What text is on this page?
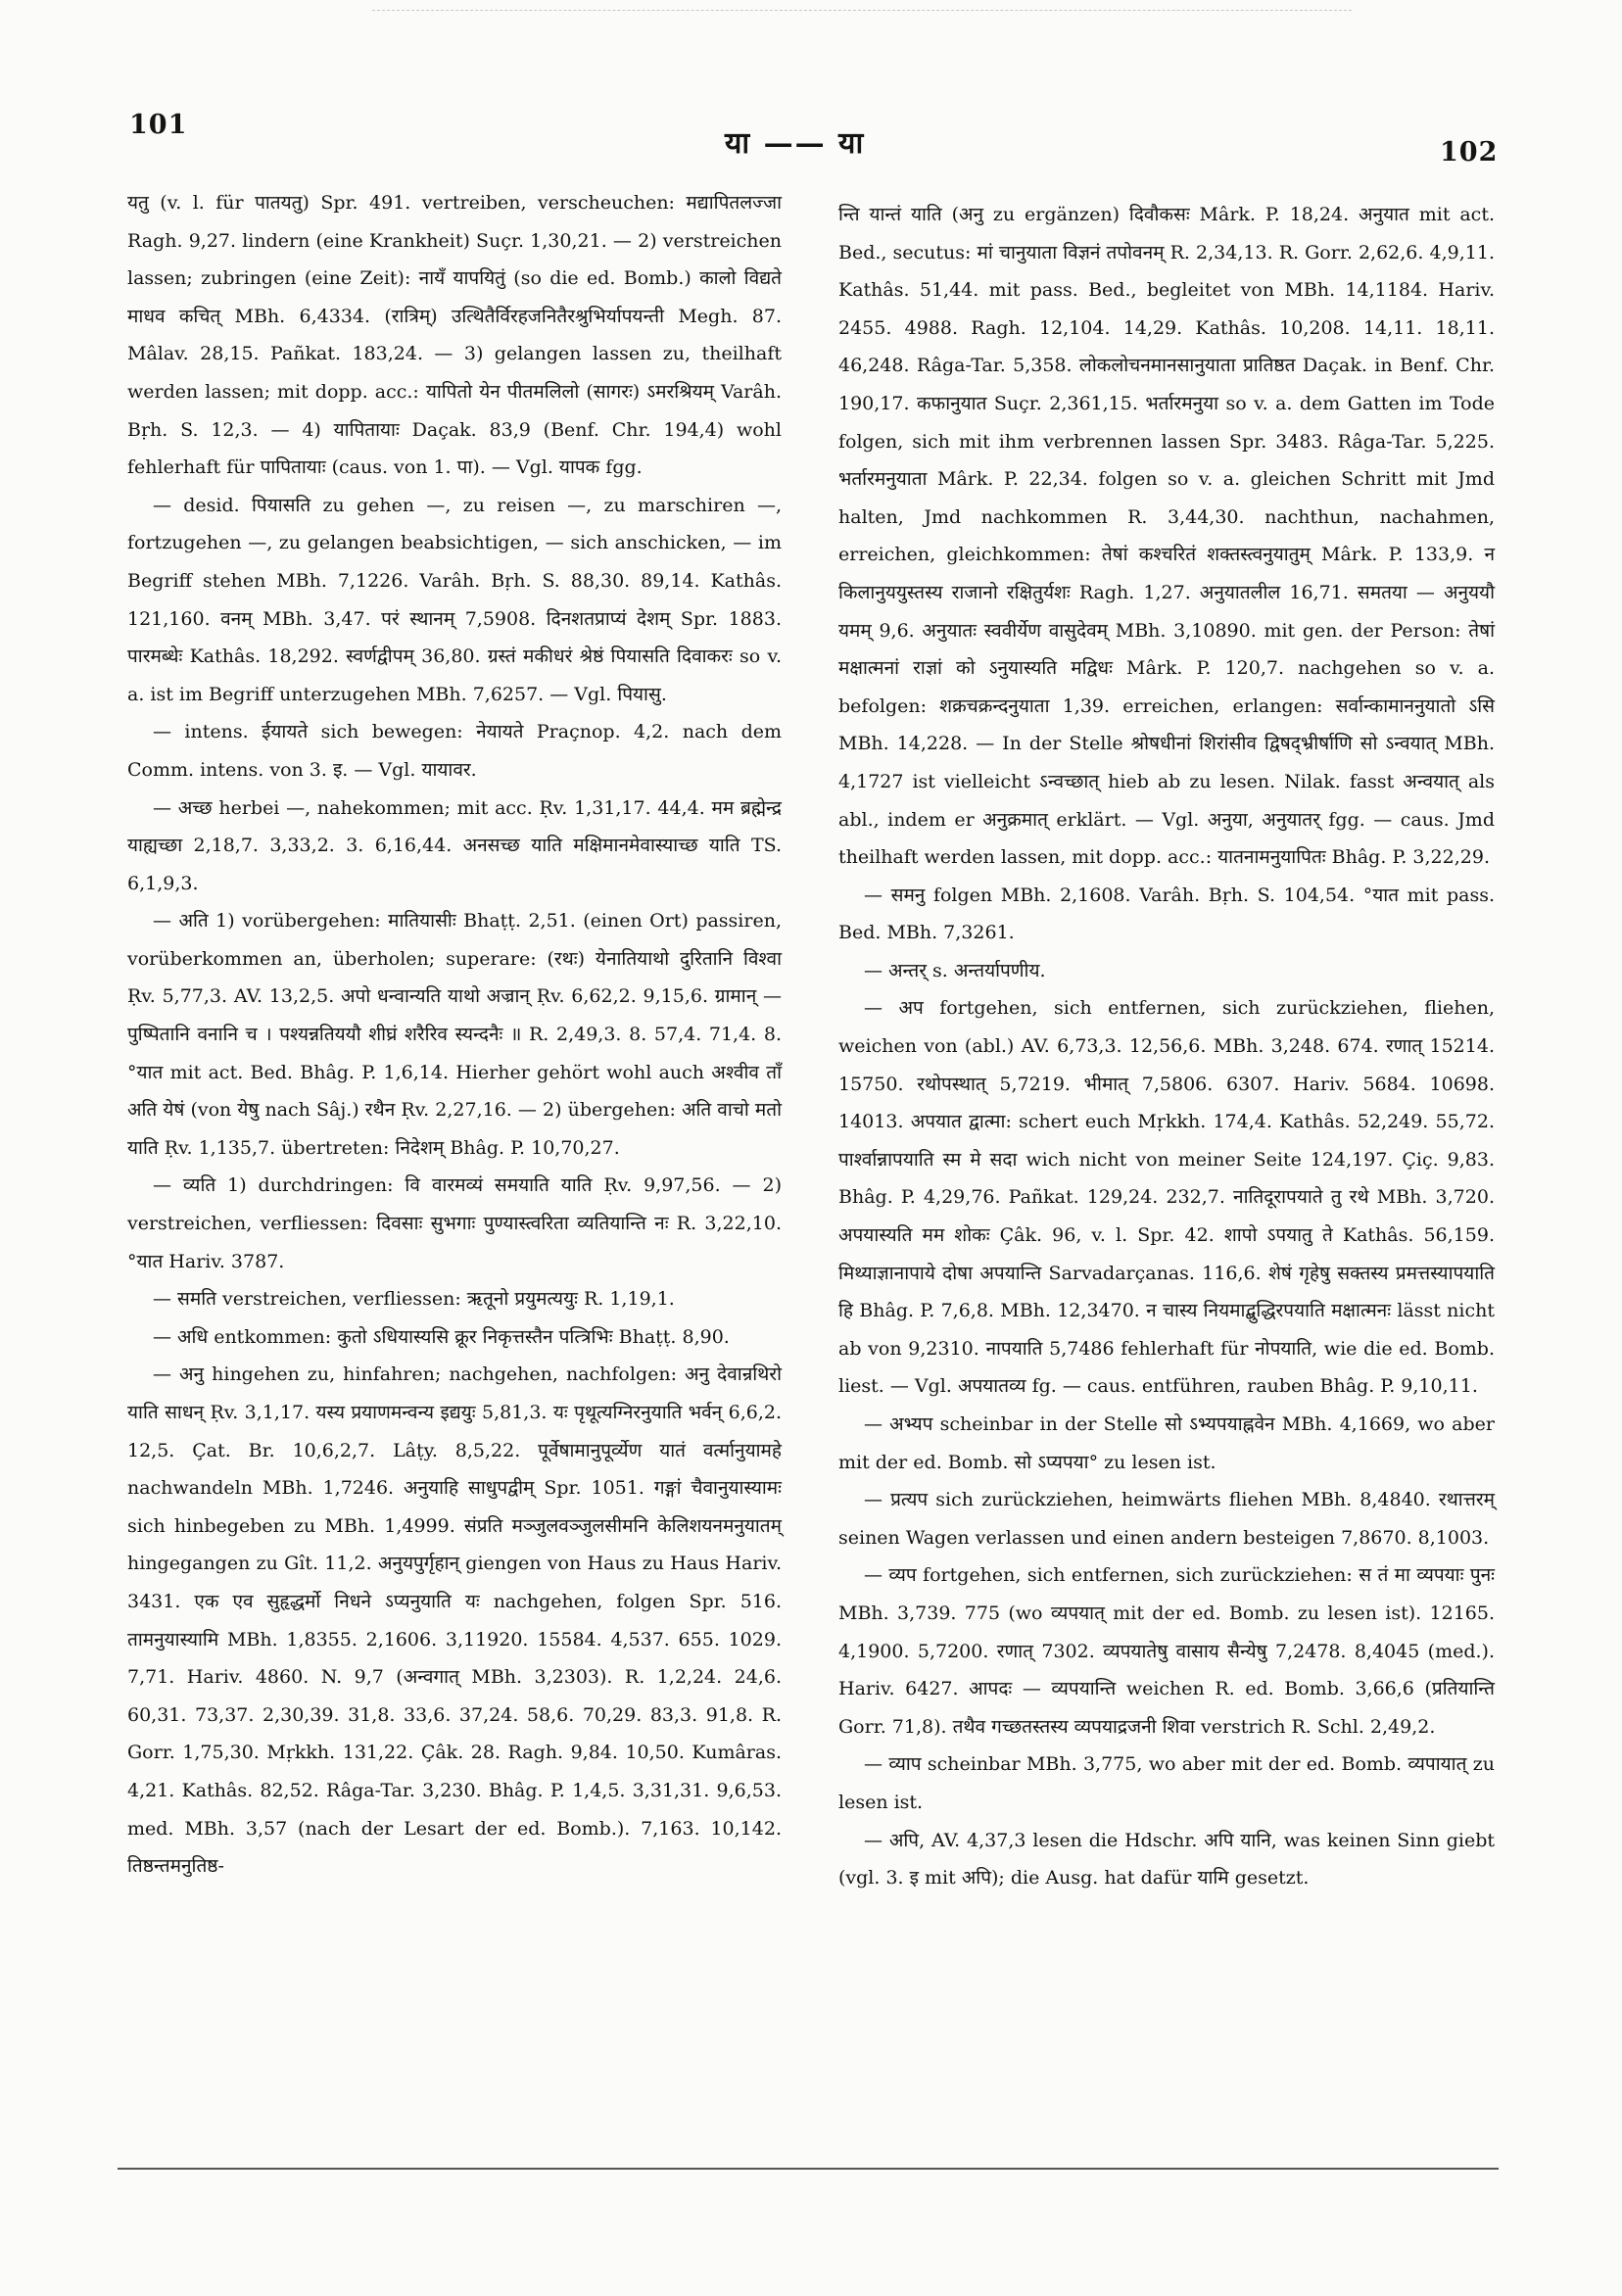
101
या —— या	102

यतु (v. l. für पातयतु) Spr. 491. vertreiben, verscheuchen: मद्यापितलज्जा Ragh. 9,27. lindern (eine Krankheit) Suçr. 1,30,21. — 2) verstreichen lassen; zubringen (eine Zeit): नायँ यापयितुं (so die ed. Bomb.) कालो विद्यते माधव कचित् MBh. 6,4334. (रात्रिम्) उत्थितैर्विरहजनितैरश्रुभिर्यापयन्ती Megh. 87. Mâlav. 28,15. Pañkat. 183,24. — 3) gelangen lassen zu, theilhaft werden lassen; mit dopp. acc.: यापितो येन पीतमलिलो (सागरः) ऽमरश्रियम् Varâh. Bṛh. S. 12,3. — 4) यापितायाः Daçak. 83,9 (Benf. Chr. 194,4) wohl fehlerhaft für पापितायाः (caus. von 1. पा). — Vgl. यापक fgg.

— desid. पियासति zu gehen —, zu reisen —, zu marschiren —, fortzugehen —, zu gelangen beabsichtigen, — sich anschicken, — im Begriff stehen MBh. 7,1226. Varâh. Bṛh. S. 88,30. 89,14. Kathâs. 121,160. वनम् MBh. 3,47. परं स्थानम् 7,5908. दिनशतप्राप्यं देशम् Spr. 1883. पारमब्धेः Kathâs. 18,292. स्वर्णद्वीपम् 36,80. ग्रस्तं मकीधरं श्रेष्ठं पियासति दिवाकरः so v. a. ist im Begriff unterzugehen MBh. 7,6257. — Vgl. पियासु.

— intens. ईयायते sich bewegen: नेयायते Praçnop. 4,2. nach dem Comm. intens. von 3. इ. — Vgl. यायावर.

— अच्छ herbei —, nahekommen; mit acc. Ṛv. 1,31,17. 44,4. मम ब्रह्मेन्द्र याह्यच्छा 2,18,7. 3,33,2. 3. 6,16,44. अनसच्छ याति मक्षिमानमेवास्याच्छ याति TS. 6,1,9,3.

— अति 1) vorübergehen: मातियासीः Bhaṭṭ. 2,51. (einen Ort) passiren, vorüberkommen an, überholen; superare: (रथः) येनातियाथो दुरितानि विश्वा Ṛv. 5,77,3. AV. 13,2,5. अपो धन्वान्यति याथो अज्रान् Ṛv. 6,62,2. 9,15,6. ग्रामान् — पुष्पितानि वनानि च । पश्यन्नतिययौ शीघ्रं शरैरिव स्यन्दनैः ॥ R. 2,49,3. 8. 57,4. 71,4. 8. °यात mit act. Bed. Bhâg. P. 1,6,14. Hierher gehört wohl auch अश्वीव ताँ अति येषं (von येषु nach Sâj.) रथैन Ṛv. 2,27,16. — 2) übergehen: अति वाचो मतो याति Ṛv. 1,135,7. übertreten: निदेशम् Bhâg. P. 10,70,27.

— व्यति 1) durchdringen: वि वारमव्यं समयाति याति Ṛv. 9,97,56. — 2) verstreichen, verfliessen: दिवसाः सुभगाः पुण्यास्त्वरिता व्यतियान्ति नः R. 3,22,10. °यात Hariv. 3787.

— समति verstreichen, verfliessen: ऋतूनो प्रयुमत्ययुः R. 1,19,1.

— अधि entkommen: कुतो ऽधियास्यसि क्रूर निकृत्तस्तैन पत्त्रिभिः Bhaṭṭ. 8,90.

— अनु hingehen zu, hinfahren; nachgehen, nachfolgen: अनु देवान्रथिरो याति साधन् Ṛv. 3,1,17. यस्य प्रयाणमन्वन्य इद्ययुः 5,81,3. यः पृथूत्यग्निरनुयाति भर्वन् 6,6,2. 12,5. Çat. Br. 10,6,2,7. Lâṭy. 8,5,22. पूर्वेषामानुपूर्व्येण यातं वर्त्मानुयामहे nachwandeln MBh. 1,7246. अनुयाहि साधुपद्वीम् Spr. 1051. गङ्गां चैवानुयास्यामः sich hinbegeben zu MBh. 1,4999. संप्रति मञ्जुलवञ्जुलसीमनि केलिशयनमनुयातम् hingegangen zu Gît. 11,2. अनुयपुर्गृहान् giengen von Haus zu Haus Hariv. 3431. एक एव सुहृद्धर्मो निधने ऽप्यनुयाति यः nachgehen, folgen Spr. 516. तामनुयास्यामि MBh. 1,8355. 2,1606. 3,11920. 15584. 4,537. 655. 1029. 7,71. Hariv. 4860. N. 9,7 (अन्वगात् MBh. 3,2303). R. 1,2,24. 24,6. 60,31. 73,37. 2,30,39. 31,8. 33,6. 37,24. 58,6. 70,29. 83,3. 91,8. R. Gorr. 1,75,30. Mṛkkh. 131,22. Çâk. 28. Ragh. 9,84. 10,50. Kumâras. 4,21. Kathâs. 82,52. Râga-Tar. 3,230. Bhâg. P. 1,4,5. 3,31,31. 9,6,53. med. MBh. 3,57 (nach der Lesart der ed. Bomb.). 7,163. 10,142. तिष्ठन्तमनुतिष्ठ-

न्ति यान्तं याति (अनु zu ergänzen) दिवौकसः Mârk. P. 18,24. अनुयात mit act. Bed., secutus: मां चानुयाता विज्ञनं तपोवनम् R. 2,34,13. R. Gorr. 2,62,6. 4,9,11. Kathâs. 51,44. mit pass. Bed., begleitet von MBh. 14,1184. Hariv. 2455. 4988. Ragh. 12,104. 14,29. Kathâs. 10,208. 14,11. 18,11. 46,248. Râga-Tar. 5,358. लोकलोचनमानसानुयाता प्रातिष्ठत Daçak. in Benf. Chr. 190,17. कफानुयात Suçr. 2,361,15. भर्तारमनुया so v. a. dem Gatten im Tode folgen, sich mit ihm verbrennen lassen Spr. 3483. Râga-Tar. 5,225. भर्तारमनुयाता Mârk. P. 22,34. folgen so v. a. gleichen Schritt mit Jmd halten, Jmd nachkommen R. 3,44,30. nachthun, nachahmen, erreichen, gleichkommen: तेषां कश्चरितं शक्तस्त्वनुयातुम् Mârk. P. 133,9. न किलानुययुस्तस्य राजानो रक्षितुर्यशः Ragh. 1,27. अनुयातलील 16,71. समतया — अनुययौ यमम् 9,6. अनुयातः स्ववीर्येण वासुदेवम् MBh. 3,10890. mit gen. der Person: तेषां मक्षात्मनां राज्ञां को ऽनुयास्यति मद्विधः Mârk. P. 120,7. nachgehen so v. a. befolgen: शक्रचक्रन्दनुयाता 1,39. erreichen, erlangen: सर्वान्कामाननुयातो ऽसि MBh. 14,228. — In der Stelle श्रोषधीनां शिरांसीव द्विषद्भ्रीर्षाणि सो ऽन्वयात् MBh. 4,1727 ist vielleicht ऽन्वच्छात् hieb ab zu lesen. Nilak. fasst अन्वयात् als abl., indem er अनुक्रमात् erklärt. — Vgl. अनुया, अनुयातर् fgg. — caus. Jmd theilhaft werden lassen, mit dopp. acc.: यातनामनुयापितः Bhâg. P. 3,22,29.

— समनु folgen MBh. 2,1608. Varâh. Bṛh. S. 104,54. °यात mit pass. Bed. MBh. 7,3261.

— अन्तर् s. अन्तर्यापणीय.

— अप fortgehen, sich entfernen, sich zurückziehen, fliehen, weichen von (abl.) AV. 6,73,3. 12,56,6. MBh. 3,248. 674. रणात् 15214. 15750. रथोपस्थात् 5,7219. भीमात् 7,5806. 6307. Hariv. 5684. 10698. 14013. अपयात द्वात्मा: schert euch Mṛkkh. 174,4. Kathâs. 52,249. 55,72. पार्श्वान्नापयाति स्म मे सदा wich nicht von meiner Seite 124,197. Çiç. 9,83. Bhâg. P. 4,29,76. Pañkat. 129,24. 232,7. नातिदूरापयाते तु रथे MBh. 3,720. अपयास्यति मम शोकः Çâk. 96, v. l. Spr. 42. शापो ऽपयातु ते Kathâs. 56,159. मिथ्याज्ञानापाये दोषा अपयान्ति Sarvadarçanas. 116,6. शेषं गृहेषु सक्तस्य प्रमत्तस्यापयाति हि Bhâg. P. 7,6,8. MBh. 12,3470. न चास्य नियमाद्बुद्धिरपयाति मक्षात्मनः lässt nicht ab von 9,2310. नापयाति 5,7486 fehlerhaft für नोपयाति, wie die ed. Bomb. liest. — Vgl. अपयातव्य fg. — caus. entführen, rauben Bhâg. P. 9,10,11.

— अभ्यप scheinbar in der Stelle सो ऽभ्यपयाह्नवेन MBh. 4,1669, wo aber mit der ed. Bomb. सो ऽप्यपया° zu lesen ist.

— प्रत्यप sich zurückziehen, heimwärts fliehen MBh. 8,4840. रथात्तरम् seinen Wagen verlassen und einen andern besteigen 7,8670. 8,1003.

— व्यप fortgehen, sich entfernen, sich zurückziehen: स तं मा व्यपयाः पुनः MBh. 3,739. 775 (wo व्यपयात् mit der ed. Bomb. zu lesen ist). 12165. 4,1900. 5,7200. रणात् 7302. व्यपयातेषु वासाय सैन्येषु 7,2478. 8,4045 (med.). Hariv. 6427. आपदः — व्यपयान्ति weichen R. ed. Bomb. 3,66,6 (प्रतियान्ति Gorr. 71,8). तथैव गच्छतस्तस्य व्यपयाद्रजनी शिवा verstrich R. Schl. 2,49,2.

— व्याप scheinbar MBh. 3,775, wo aber mit der ed. Bomb. व्यपायात् zu lesen ist.

— अपि, AV. 4,37,3 lesen die Hdschr. अपि यानि, was keinen Sinn giebt (vgl. 3. इ mit अपि); die Ausg. hat dafür यामि gesetzt.
